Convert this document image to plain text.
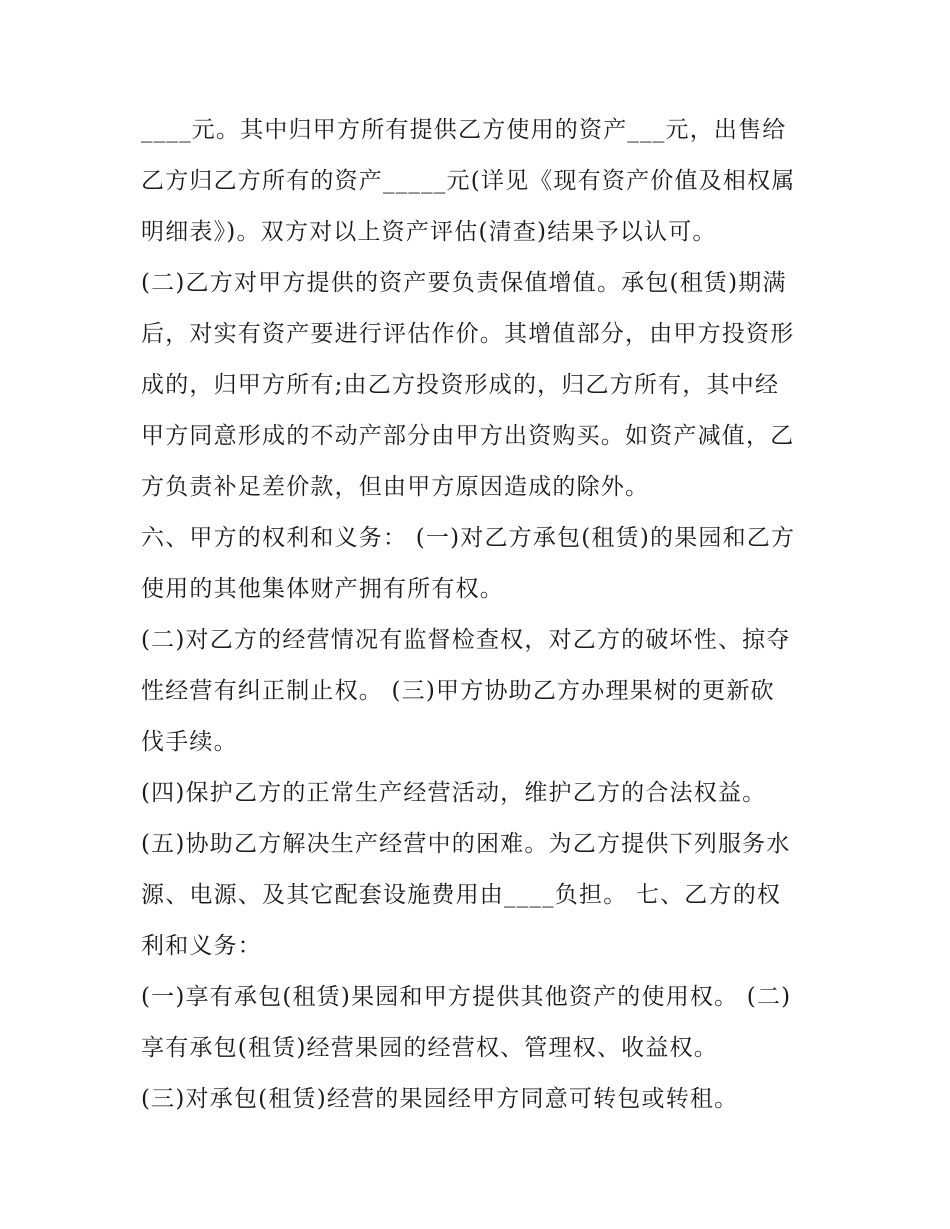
____元。其中归甲方所有提供乙方使用的资产___元，出售给
乙方归乙方所有的资产_____元(详见《现有资产价值及相权属
明细表》)。双方对以上资产评估(清查)结果予以认可。
(二)乙方对甲方提供的资产要负责保值增值。承包(租赁)期满
后，对实有资产要进行评估作价。其增值部分，由甲方投资形
成的，归甲方所有;由乙方投资形成的，归乙方所有，其中经
甲方同意形成的不动产部分由甲方出资购买。如资产减值，乙
方负责补足差价款，但由甲方原因造成的除外。
六、甲方的权利和义务： (一)对乙方承包(租赁)的果园和乙方
使用的其他集体财产拥有所有权。
(二)对乙方的经营情况有监督检查权，对乙方的破坏性、掠夺
性经营有纠正制止权。 (三)甲方协助乙方办理果树的更新砍
伐手续。
(四)保护乙方的正常生产经营活动，维护乙方的合法权益。
(五)协助乙方解决生产经营中的困难。为乙方提供下列服务水
源、电源、及其它配套设施费用由____负担。 七、乙方的权
利和义务：
(一)享有承包(租赁)果园和甲方提供其他资产的使用权。 (二)
享有承包(租赁)经营果园的经营权、管理权、收益权。
(三)对承包(租赁)经营的果园经甲方同意可转包或转租。
